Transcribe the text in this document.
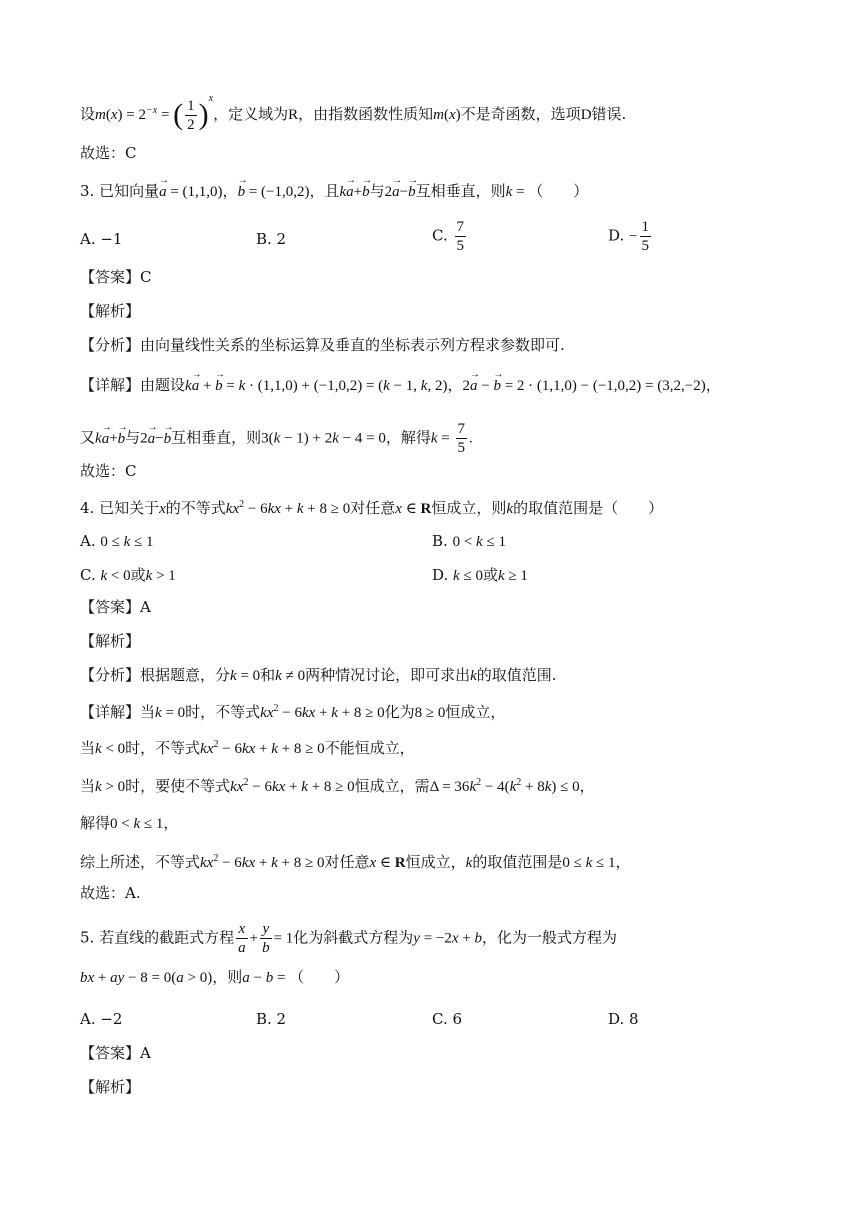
设$m(x) = 2^{-x}$ = ( $\frac{1}{2} )^x$，定义域为R，由指数函数性质知m(x)不是奇函数，选项D错误.
故选：C
3. 已知向量→ a = (1,1,0)，→ b = (−1,0,2)，且k→ a+→ b与2→ a−→ b互相垂直，则k = （　　）
A. −1	B. 2	C. $\frac{7}{5}$	D. − $\frac{1}{5}$
【答案】C
【解析】
【分析】由向量线性关系的坐标运算及垂直的坐标表示列方程求参数即可.
【详解】由题设k→ a + → b = k · (1,1,0) + (−1,0,2) = (k − 1, k, 2)，2→ a − → b = 2 · (1,1,0) − (−1,0,2) = (3,2,−2)，
又k→ a+→ b与2→ a−→ b互相垂直，则3(k − 1) + 2k − 4 = 0，解得$k = \frac{7}{5}$ .
故选：C
4. 已知关于x的不等式$kx^2 - 6kx + k + 8 \ge 0$对任意x ∈ R恒成立，则k的取值范围是（　　）
A. 0 ≤ k ≤ 1	B. 0 < k ≤ 1
C. k < 0或k > 1	D. k ≤ 0或k ≥ 1
【答案】A
【解析】
【分析】根据题意，分k = 0和k ≠ 0两种情况讨论，即可求出k的取值范围.
【详解】当k = 0时，不等式$kx^2 - 6kx + k + 8 \ge 0$化为8 ≥ 0恒成立，
当k < 0时，不等式$kx^2 - 6kx + k + 8 \ge 0$不能恒成立，
当k > 0时，要使不等式$kx^2 - 6kx + k + 8 \ge 0$恒成立，需$\Delta = 36k^2 - 4(k^2 + 8k) \le 0$，
解得0 < k ≤ 1，
综上所述，不等式$kx^2 - 6kx + k + 8 \ge 0$对任意x ∈ R恒成立，k的取值范围是0 ≤ k ≤ 1，
故选：A.
5. 若直线的截距式方程 $\frac{x}{a} + \frac{y}{b} = 1$化为斜截式方程为y = −2x + b，化为一般式方程为
bx + ay − 8 = 0(a > 0)，则a − b = （　　）
A. −2	B. 2	C. 6	D. 8
【答案】A
【解析】
